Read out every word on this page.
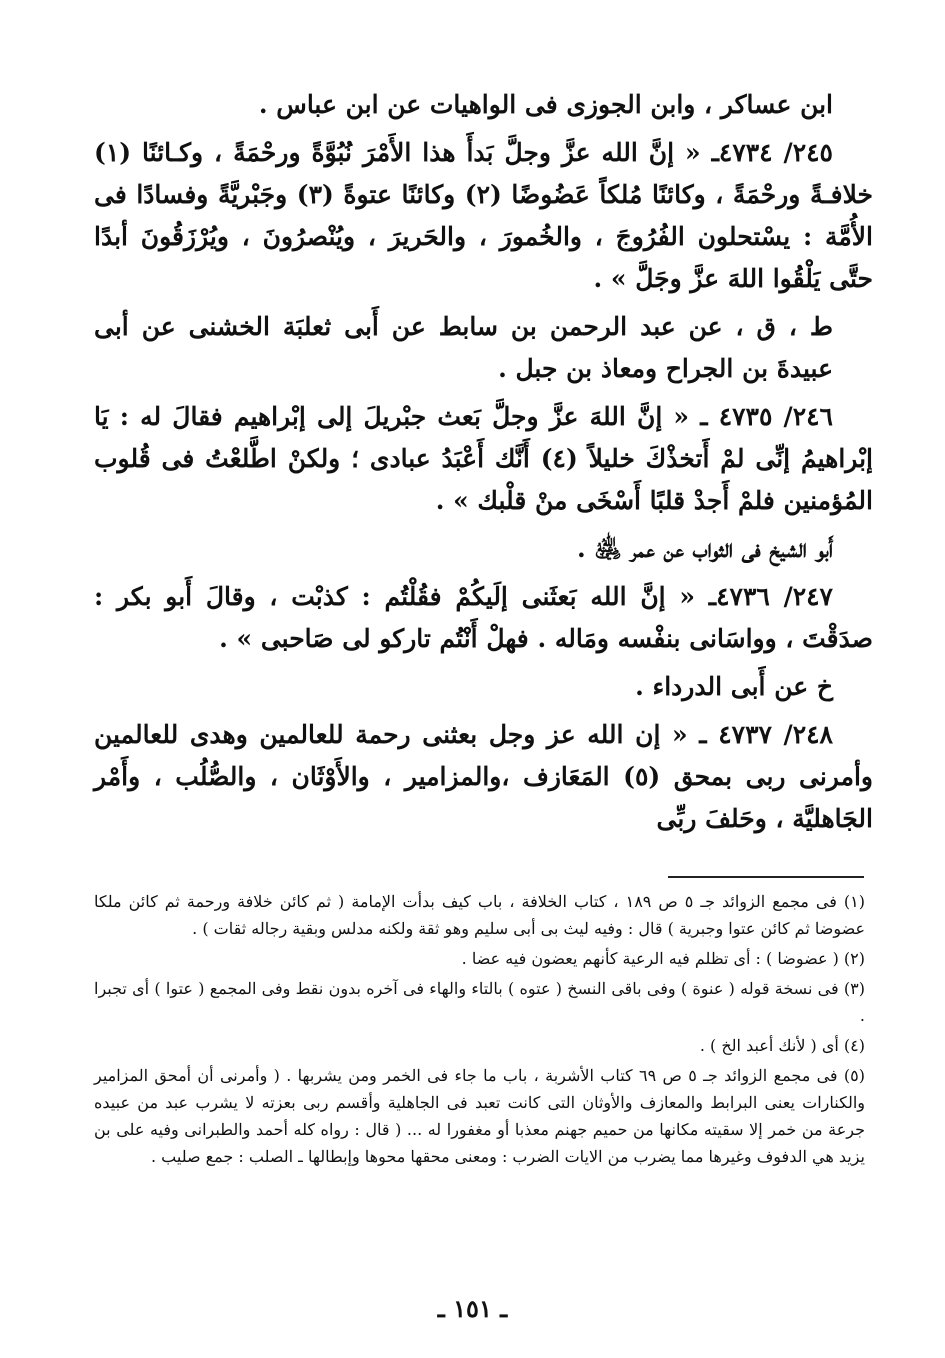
ابن عساكر ، وابن الجوزى فى الواهيات عن ابن عباس .

٢٤٥/ ٤٧٣٤ـ « إنَّ الله عزَّ وجلَّ بَدأَ هذا الأَمْرَ نُبُوَّةً ورحْمَةً ، وكـائنًا (١) خلافـةً ورحْمَةً ، وكائنًا مُلكاً عَضُوضًا (٢) وكائنًا عتوةً (٣) وجَبْريَّةً وفسادًا فى الأُمَّة : يسْتحلون الفُرُوجَ ، والخُمورَ ، والحَريرَ ، ويُنْصرُونَ ، ويُرْزَقُونَ أبدًا حتَّى يَلْقُوا اللهَ عزَّ وجَلَّ » .

ط ، ق ، عن عبد الرحمن بن سابط عن أَبى ثعلبَة الخشنى عن أبى عبيدةَ بن الجراح ومعاذ بن جبل .

٢٤٦/ ٤٧٣٥ ـ « إنَّ اللهَ عزَّ وجلَّ بَعث جبْريلَ إلى إبْراهيم فقالَ له : يَا إبْراهيمُ إنِّى لمْ أَتخذْكَ خليلاً (٤) أَنَّك أَعْبَدُ عبادى ؛ ولكنْ اطَّلعْتُ فى قُلوب المُؤمنين فلمْ أَجدْ قلبًا أَسْخَى منْ قلْبك » .

أَبو الشيخ فى الثواب عن عمر ﵁ .

٢٤٧/ ٤٧٣٦ـ « إنَّ الله بَعثَنى إلَيكُمْ فقُلْتُم : كذبْت ، وقالَ أَبو بكر : صدَقْتَ ، وواسَانى بنفْسه ومَاله . فهلْ أَنْتُم تاركو لى صَاحبى » .

خ عن أَبى الدرداء .

٢٤٨/ ٤٧٣٧ ـ « إن الله عز وجل بعثنى رحمة للعالمين وهدى للعالمين وأمرنى ربى بمحق (٥) المَعَازف ،والمزامير ، والأَوْثَان ، والصُّلُب ، وأَمْر الجَاهليَّة ، وحَلفَ ربِّى

(١) فى مجمع الزوائد جـ ٥ ص ١٨٩ ، كتاب الخلافة ، باب كيف بدأت الإمامة ( ثم كائن خلافة ورحمة ثم كائن ملكا عضوضا ثم كائن عتوا وجبرية ) قال : وفيه ليث بى أبى سليم وهو ثقة ولكنه مدلس وبقية رجاله ثقات ) .

(٢) ( عضوضا ) : أى تظلم فيه الرعية كأنهم يعضون فيه عضا .

(٣) فى نسخة قوله ( عنوة ) وفى باقى النسخ ( عتوه ) بالتاء والهاء فى آخره بدون نقط وفى المجمع ( عتوا ) أى تجبرا .

(٤) أى ( لأنك أعبد الخ ) .

(٥) فى مجمع الزوائد جـ ٥ ص ٦٩ كتاب الأشربة ، باب ما جاء فى الخمر ومن يشربها . ( وأمرنى أن أمحق المزامير والكنارات يعنى البرابط والمعازف والأوثان التى كانت تعبد فى الجاهلية وأقسم ربى بعزته لا يشرب عبد من عبيده جرعة من خمر إلا سقيته مكانها من حميم جهنم معذبا أو مغفورا له ... ( قال : رواه كله أحمد والطبرانى وفيه على بن يزيد هي الدفوف وغيرها مما يضرب من الايات الضرب : ومعنى محقها محوها وإبطالها ـ الصلب : جمع صليب .

ـ ١٥١ ـ
